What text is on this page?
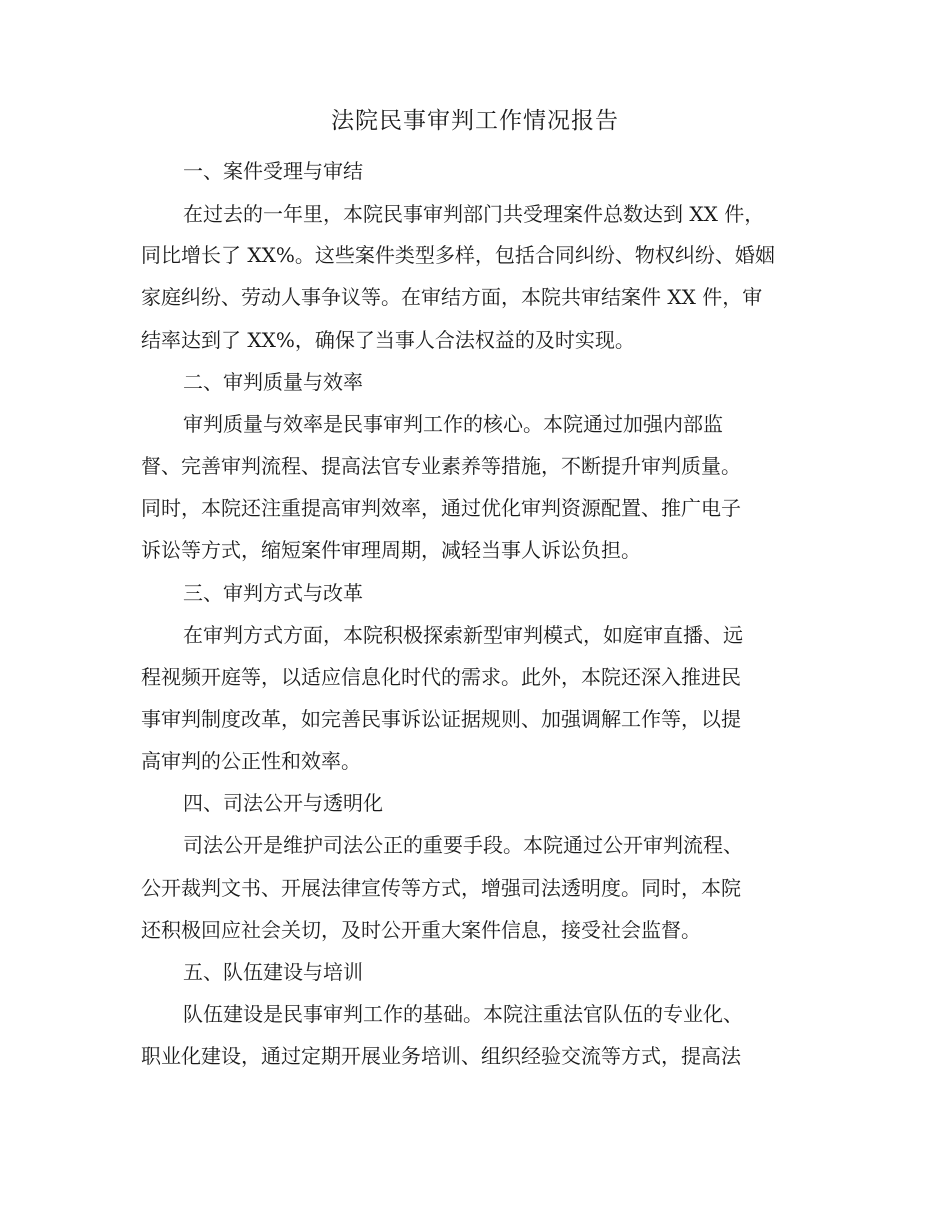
法院民事审判工作情况报告
一、案件受理与审结
在过去的一年里，本院民事审判部门共受理案件总数达到 XX 件，
同比增长了 XX%。这些案件类型多样，包括合同纠纷、物权纠纷、婚姻
家庭纠纷、劳动人事争议等。在审结方面，本院共审结案件 XX 件，审
结率达到了 XX%，确保了当事人合法权益的及时实现。
二、审判质量与效率
审判质量与效率是民事审判工作的核心。本院通过加强内部监
督、完善审判流程、提高法官专业素养等措施，不断提升审判质量。
同时，本院还注重提高审判效率，通过优化审判资源配置、推广电子
诉讼等方式，缩短案件审理周期，减轻当事人诉讼负担。
三、审判方式与改革
在审判方式方面，本院积极探索新型审判模式，如庭审直播、远
程视频开庭等，以适应信息化时代的需求。此外，本院还深入推进民
事审判制度改革，如完善民事诉讼证据规则、加强调解工作等，以提
高审判的公正性和效率。
四、司法公开与透明化
司法公开是维护司法公正的重要手段。本院通过公开审判流程、
公开裁判文书、开展法律宣传等方式，增强司法透明度。同时，本院
还积极回应社会关切，及时公开重大案件信息，接受社会监督。
五、队伍建设与培训
队伍建设是民事审判工作的基础。本院注重法官队伍的专业化、
职业化建设，通过定期开展业务培训、组织经验交流等方式，提高法
